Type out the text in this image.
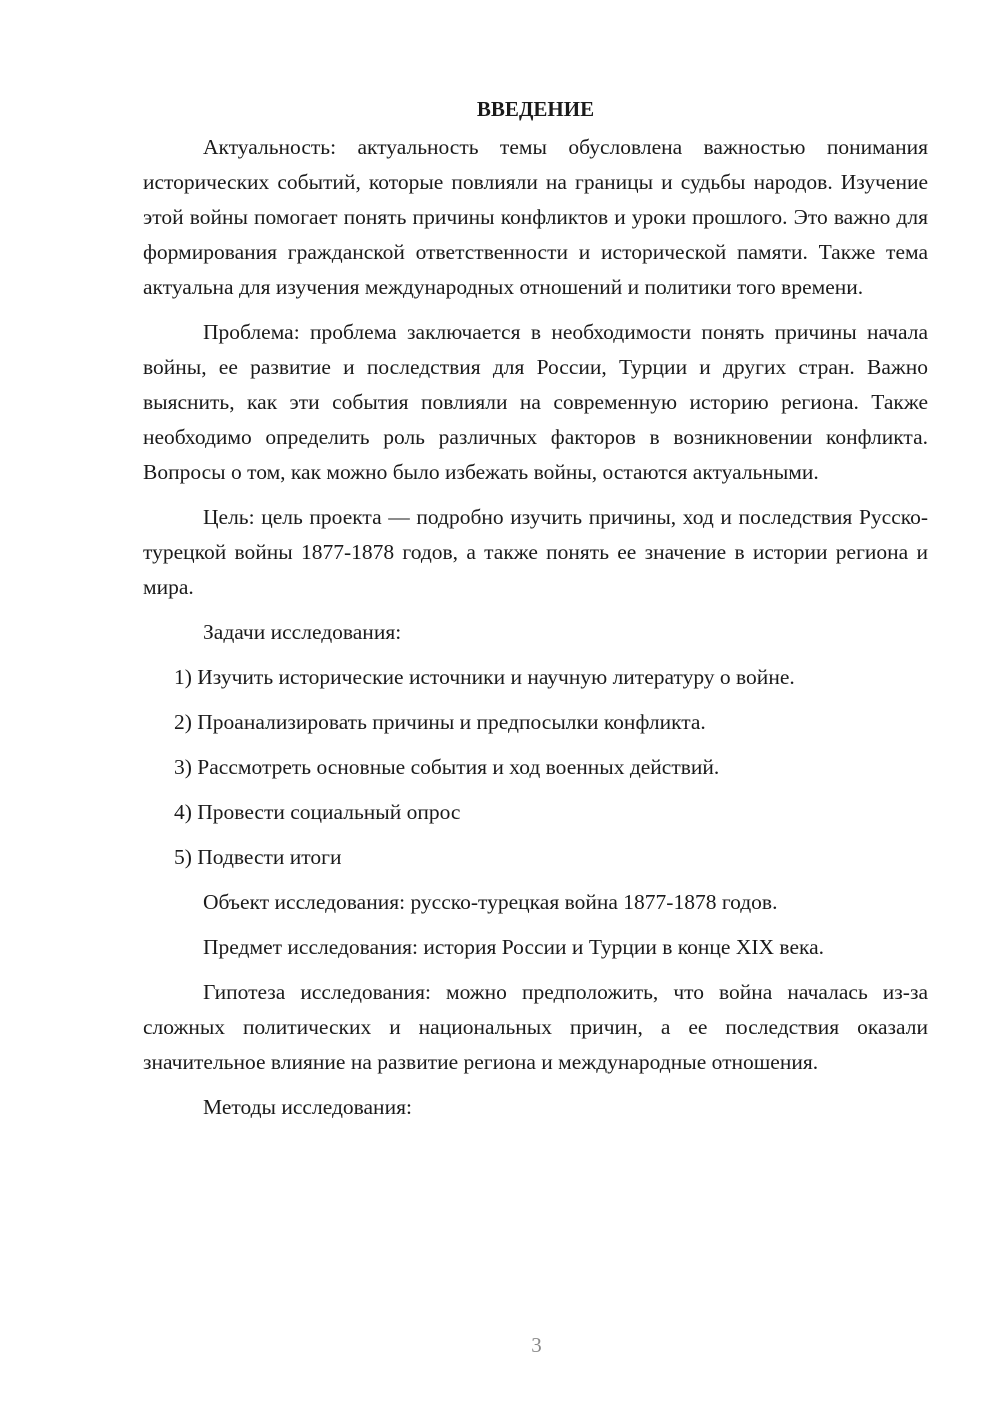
ВВЕДЕНИЕ

Актуальность: актуальность темы обусловлена важностью понимания исторических событий, которые повлияли на границы и судьбы народов. Изучение этой войны помогает понять причины конфликтов и уроки прошлого. Это важно для формирования гражданской ответственности и исторической памяти. Также тема актуальна для изучения международных отношений и политики того времени.

Проблема: проблема заключается в необходимости понять причины начала войны, ее развитие и последствия для России, Турции и других стран. Важно выяснить, как эти события повлияли на современную историю региона. Также необходимо определить роль различных факторов в возникновении конфликта. Вопросы о том, как можно было избежать войны, остаются актуальными.

Цель: цель проекта — подробно изучить причины, ход и последствия Русско-турецкой войны 1877-1878 годов, а также понять ее значение в истории региона и мира.

Задачи исследования:

1) Изучить исторические источники и научную литературу о войне.
2) Проанализировать причины и предпосылки конфликта.
3) Рассмотреть основные события и ход военных действий.
4) Провести социальный опрос
5) Подвести итоги

Объект исследования: русско-турецкая война 1877-1878 годов.

Предмет исследования: история России и Турции в конце XIX века.

Гипотеза исследования: можно предположить, что война началась из-за сложных политических и национальных причин, а ее последствия оказали значительное влияние на развитие региона и международные отношения.

Методы исследования:

3
